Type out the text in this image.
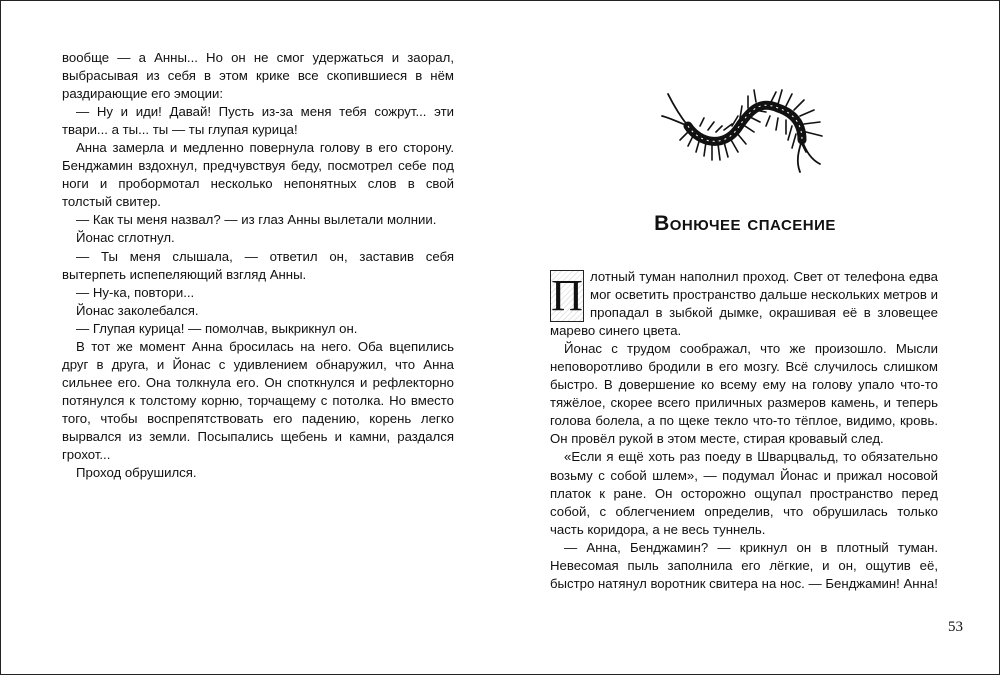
вообще — а Анны... Но он не смог удержаться и заорал, выбрасывая из себя в этом крике все скопившиеся в нём раздирающие его эмоции:

— Ну и иди! Давай! Пусть из-за меня тебя сожрут... эти твари... а ты... ты — ты глупая курица!

Анна замерла и медленно повернула голову в его сторону. Бенджамин вздохнул, предчувствуя беду, посмотрел себе под ноги и пробормотал несколько непонятных слов в свой толстый свитер.

— Как ты меня назвал? — из глаз Анны вылетали молнии.

Йонас сглотнул.

— Ты меня слышала, — ответил он, заставив себя вытерпеть испепеляющий взгляд Анны.

— Ну-ка, повтори...

Йонас заколебался.

— Глупая курица! — помолчав, выкрикнул он.

В тот же момент Анна бросилась на него. Оба вцепились друг в друга, и Йонас с удивлением обнаружил, что Анна сильнее его. Она толкнула его. Он споткнулся и рефлекторно потянулся к толстому корню, торчащему с потолка. Но вместо того, чтобы воспрепятствовать его падению, корень легко вырвался из земли. Посыпались щебень и камни, раздался грохот...

Проход обрушился.

Вонючее спасение

П лотный туман наполнил проход. Свет от телефона едва мог осветить пространство дальше нескольких метров и пропадал в зыбкой дымке, окрашивая её в зловещее марево синего цвета.

Йонас с трудом соображал, что же произошло. Мысли неповоротливо бродили в его мозгу. Всё случилось слишком быстро. В довершение ко всему ему на голову упало что-то тяжёлое, скорее всего приличных размеров камень, и теперь голова болела, а по щеке текло что-то тёплое, видимо, кровь. Он провёл рукой в этом месте, стирая кровавый след.

«Если я ещё хоть раз поеду в Шварцвальд, то обязательно возьму с собой шлем», — подумал Йонас и прижал носовой платок к ране. Он осторожно ощупал пространство перед собой, с облегчением определив, что обрушилась только часть коридора, а не весь туннель.

— Анна, Бенджамин? — крикнул он в плотный туман. Невесомая пыль заполнила его лёгкие, и он, ощутив её, быстро натянул воротник свитера на нос. — Бенджамин! Анна!

53
